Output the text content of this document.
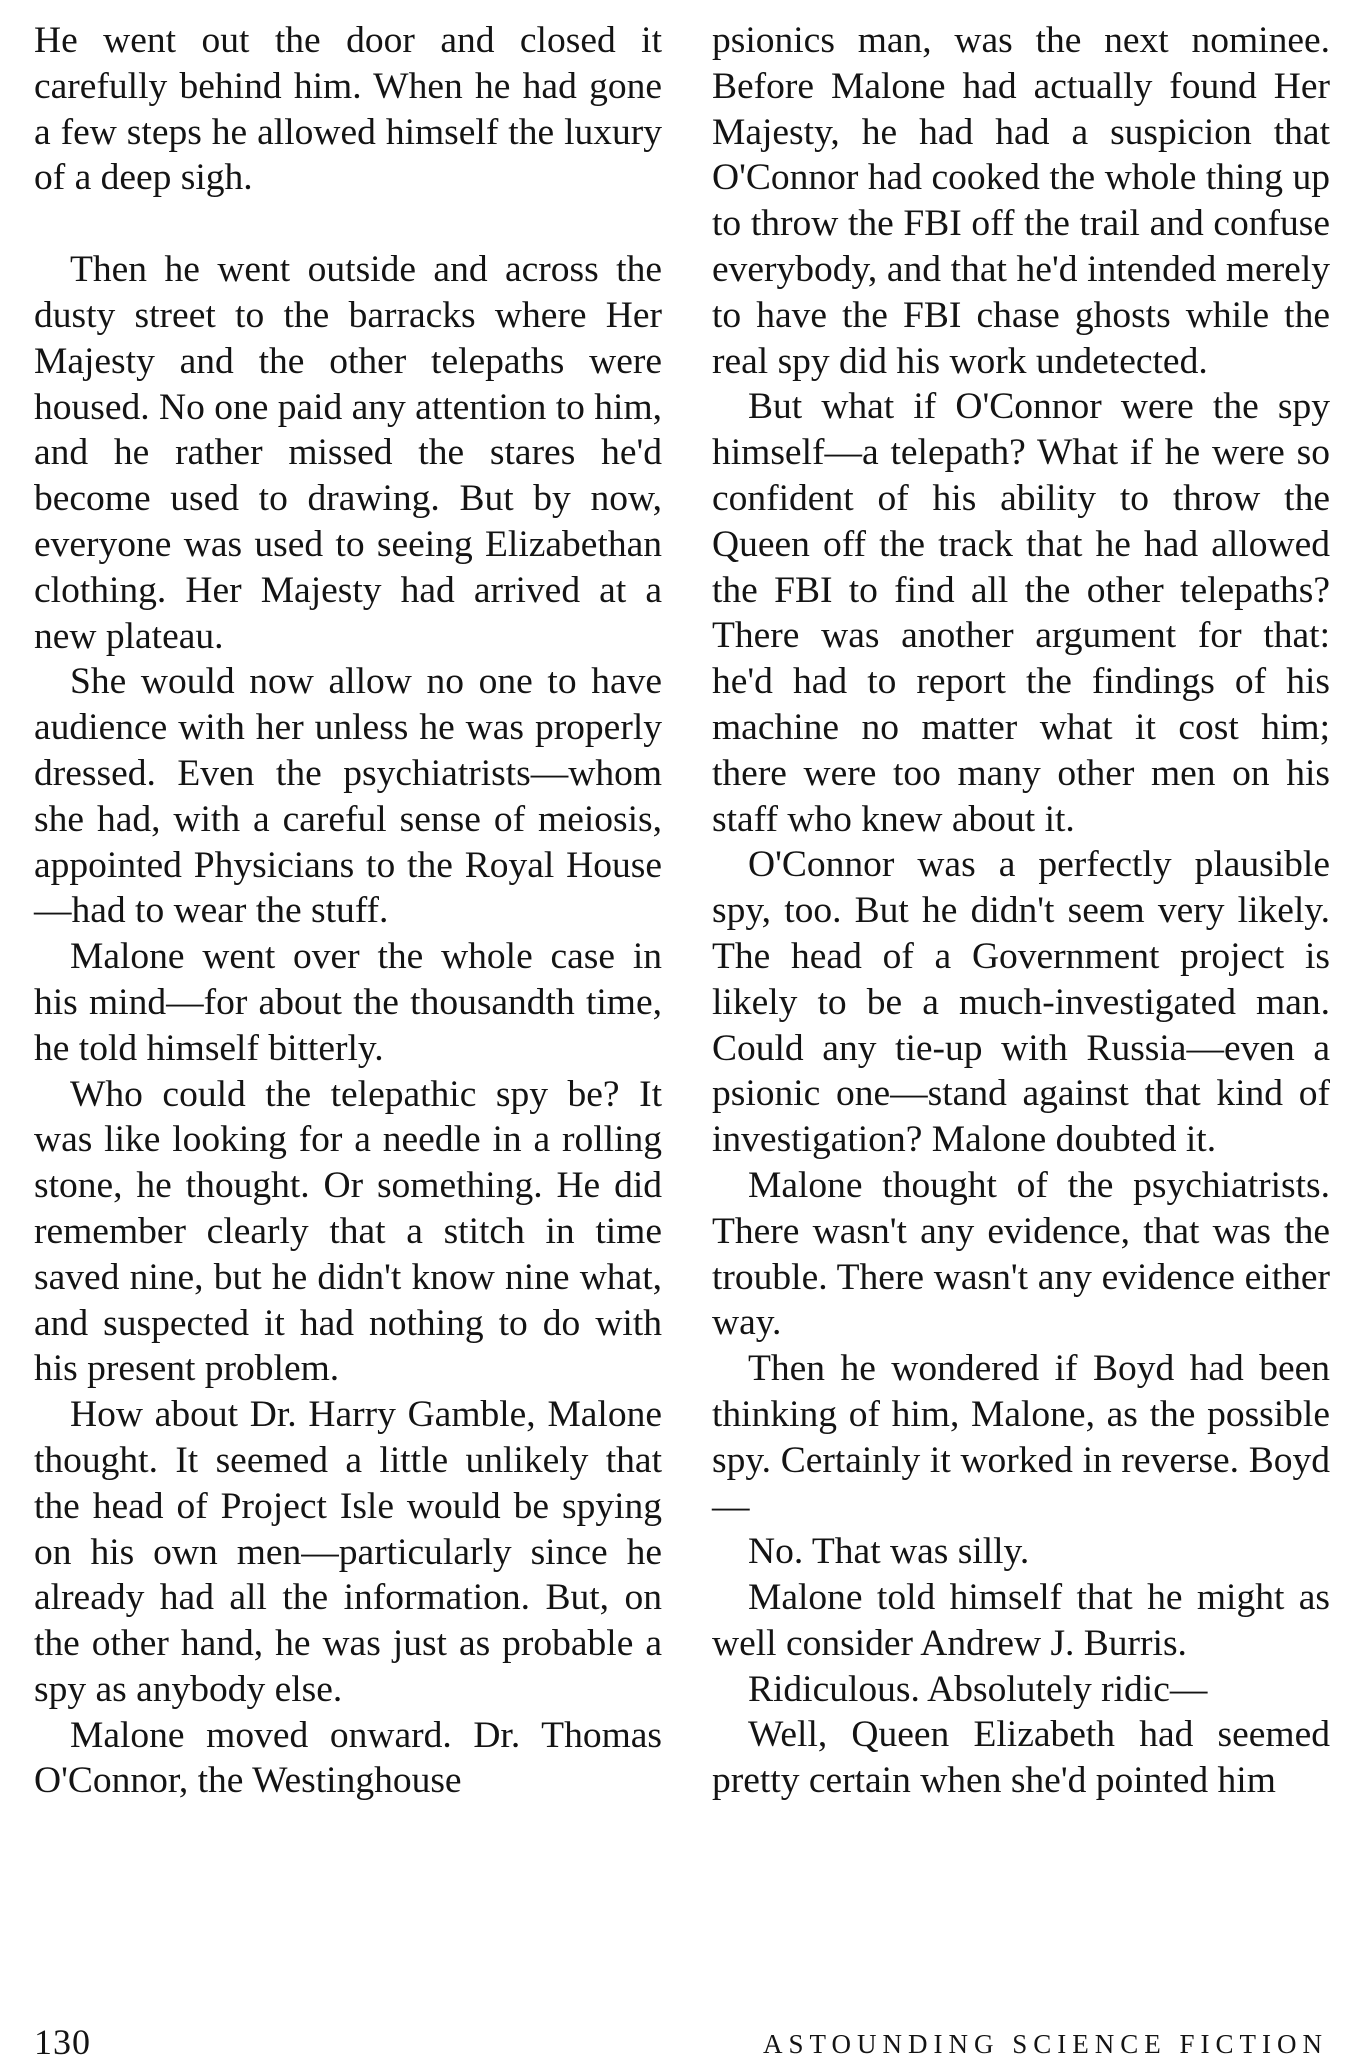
He went out the door and closed it carefully behind him. When he had gone a few steps he allowed himself the luxury of a deep sigh.

Then he went outside and across the dusty street to the barracks where Her Majesty and the other telepaths were housed. No one paid any attention to him, and he rather missed the stares he'd become used to drawing. But by now, everyone was used to seeing Elizabethan clothing. Her Majesty had arrived at a new plateau.

She would now allow no one to have audience with her unless he was properly dressed. Even the psychiatrists—whom she had, with a careful sense of meiosis, appointed Physicians to the Royal House—had to wear the stuff.

Malone went over the whole case in his mind—for about the thousandth time, he told himself bitterly.

Who could the telepathic spy be? It was like looking for a needle in a rolling stone, he thought. Or something. He did remember clearly that a stitch in time saved nine, but he didn't know nine what, and suspected it had nothing to do with his present problem.

How about Dr. Harry Gamble, Malone thought. It seemed a little unlikely that the head of Project Isle would be spying on his own men—particularly since he already had all the information. But, on the other hand, he was just as probable a spy as anybody else.

Malone moved onward. Dr. Thomas O'Connor, the Westinghouse

psionics man, was the next nominee. Before Malone had actually found Her Majesty, he had had a suspicion that O'Connor had cooked the whole thing up to throw the FBI off the trail and confuse everybody, and that he'd intended merely to have the FBI chase ghosts while the real spy did his work undetected.

But what if O'Connor were the spy himself—a telepath? What if he were so confident of his ability to throw the Queen off the track that he had allowed the FBI to find all the other telepaths? There was another argument for that: he'd had to report the findings of his machine no matter what it cost him; there were too many other men on his staff who knew about it.

O'Connor was a perfectly plausible spy, too. But he didn't seem very likely. The head of a Government project is likely to be a much-investigated man. Could any tie-up with Russia—even a psionic one—stand against that kind of investigation? Malone doubted it.

Malone thought of the psychiatrists. There wasn't any evidence, that was the trouble. There wasn't any evidence either way.

Then he wondered if Boyd had been thinking of him, Malone, as the possible spy. Certainly it worked in reverse. Boyd—

No. That was silly.

Malone told himself that he might as well consider Andrew J. Burris.

Ridiculous. Absolutely ridic—

Well, Queen Elizabeth had seemed pretty certain when she'd pointed him

130	ASTOUNDING SCIENCE FICTION
